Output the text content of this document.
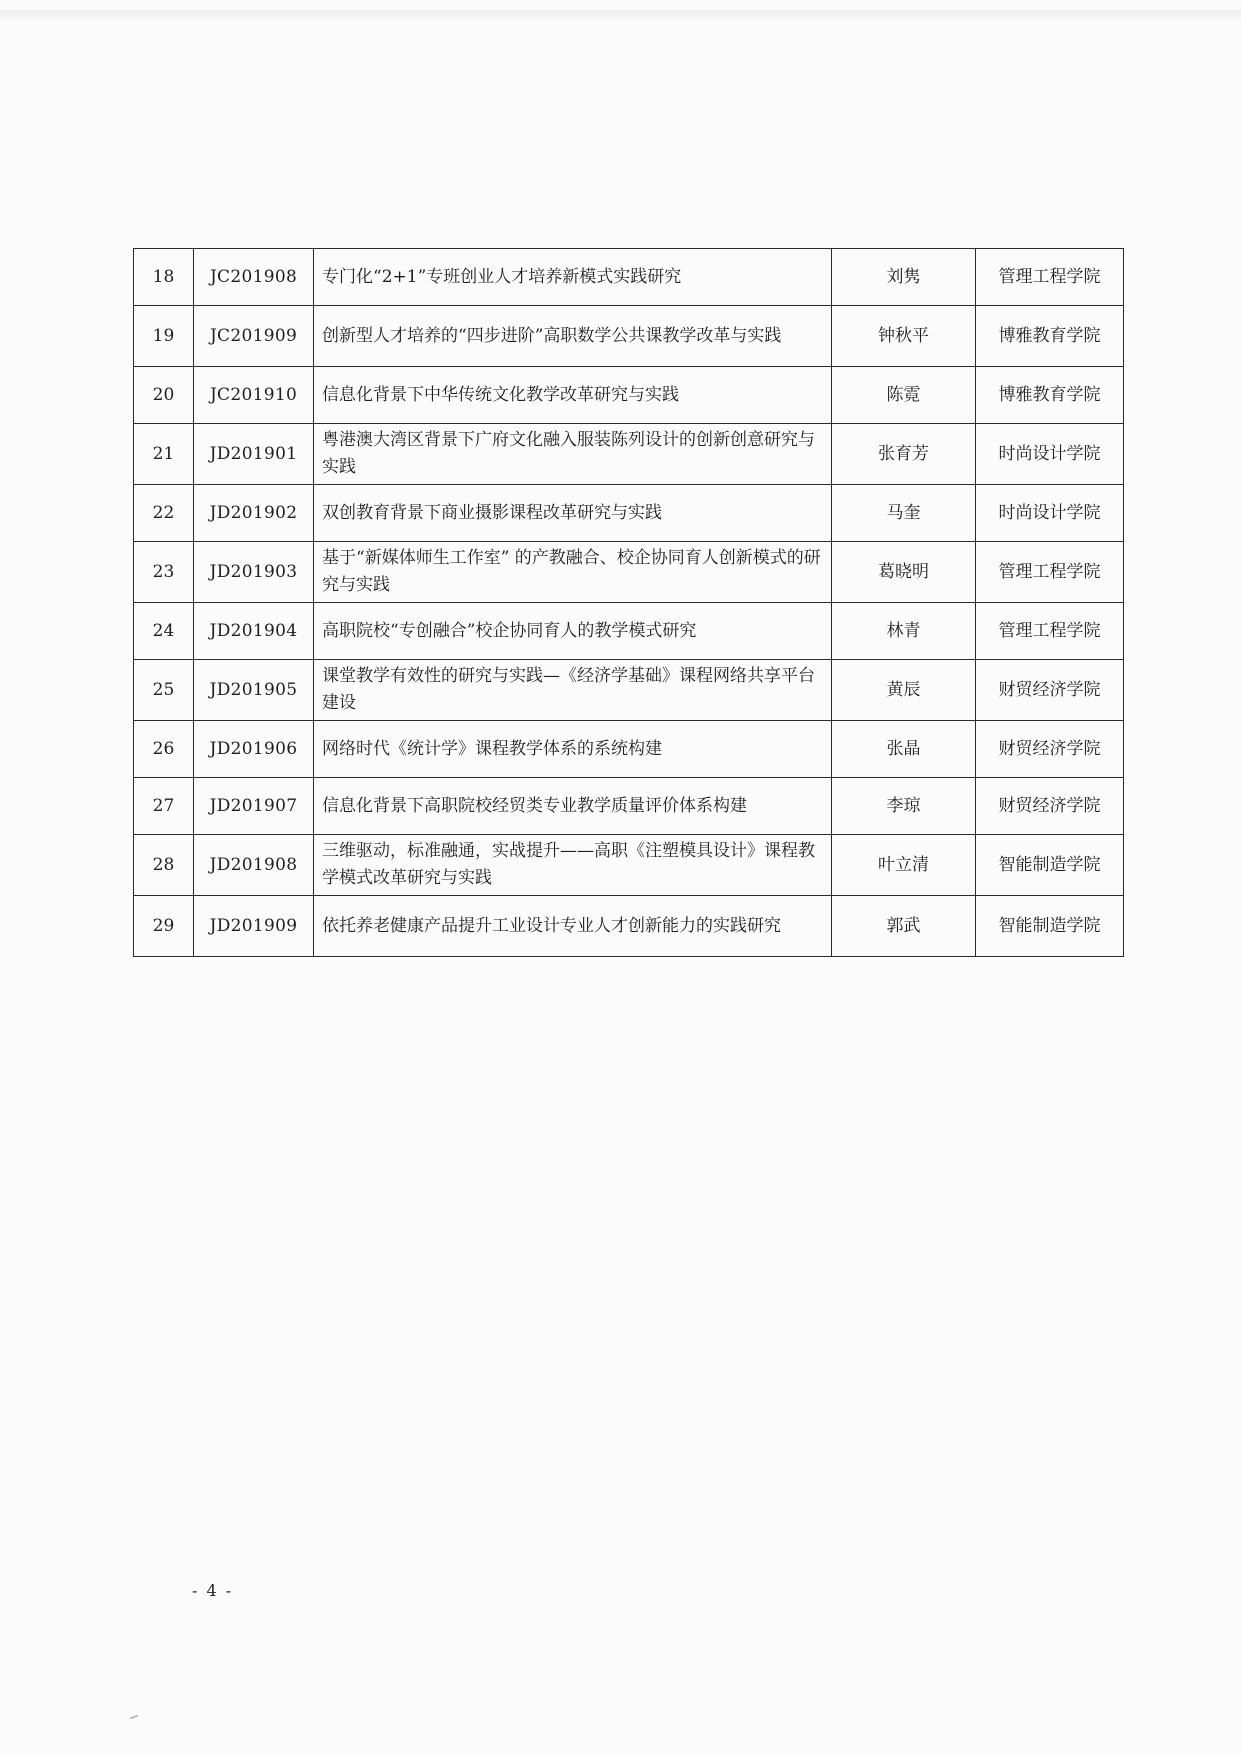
18	JC201908	专门化“2+1”专班创业人才培养新模式实践研究	刘隽	管理工程学院
19	JC201909	创新型人才培养的“四步进阶”高职数学公共课教学改革与实践	钟秋平	博雅教育学院
20	JC201910	信息化背景下中华传统文化教学改革研究与实践	陈霓	博雅教育学院
21	JD201901	粤港澳大湾区背景下广府文化融入服装陈列设计的创新创意研究与实践	张育芳	时尚设计学院
22	JD201902	双创教育背景下商业摄影课程改革研究与实践	马奎	时尚设计学院
23	JD201903	基于“新媒体师生工作室” 的产教融合、校企协同育人创新模式的研究与实践	葛晓明	管理工程学院
24	JD201904	高职院校“专创融合”校企协同育人的教学模式研究	林青	管理工程学院
25	JD201905	课堂教学有效性的研究与实践—《经济学基础》课程网络共享平台建设	黄辰	财贸经济学院
26	JD201906	网络时代《统计学》课程教学体系的系统构建	张晶	财贸经济学院
27	JD201907	信息化背景下高职院校经贸类专业教学质量评价体系构建	李琼	财贸经济学院
28	JD201908	三维驱动，标准融通，实战提升——高职《注塑模具设计》课程教学模式改革研究与实践	叶立清	智能制造学院
29	JD201909	依托养老健康产品提升工业设计专业人才创新能力的实践研究	郭武	智能制造学院
- 4 -
